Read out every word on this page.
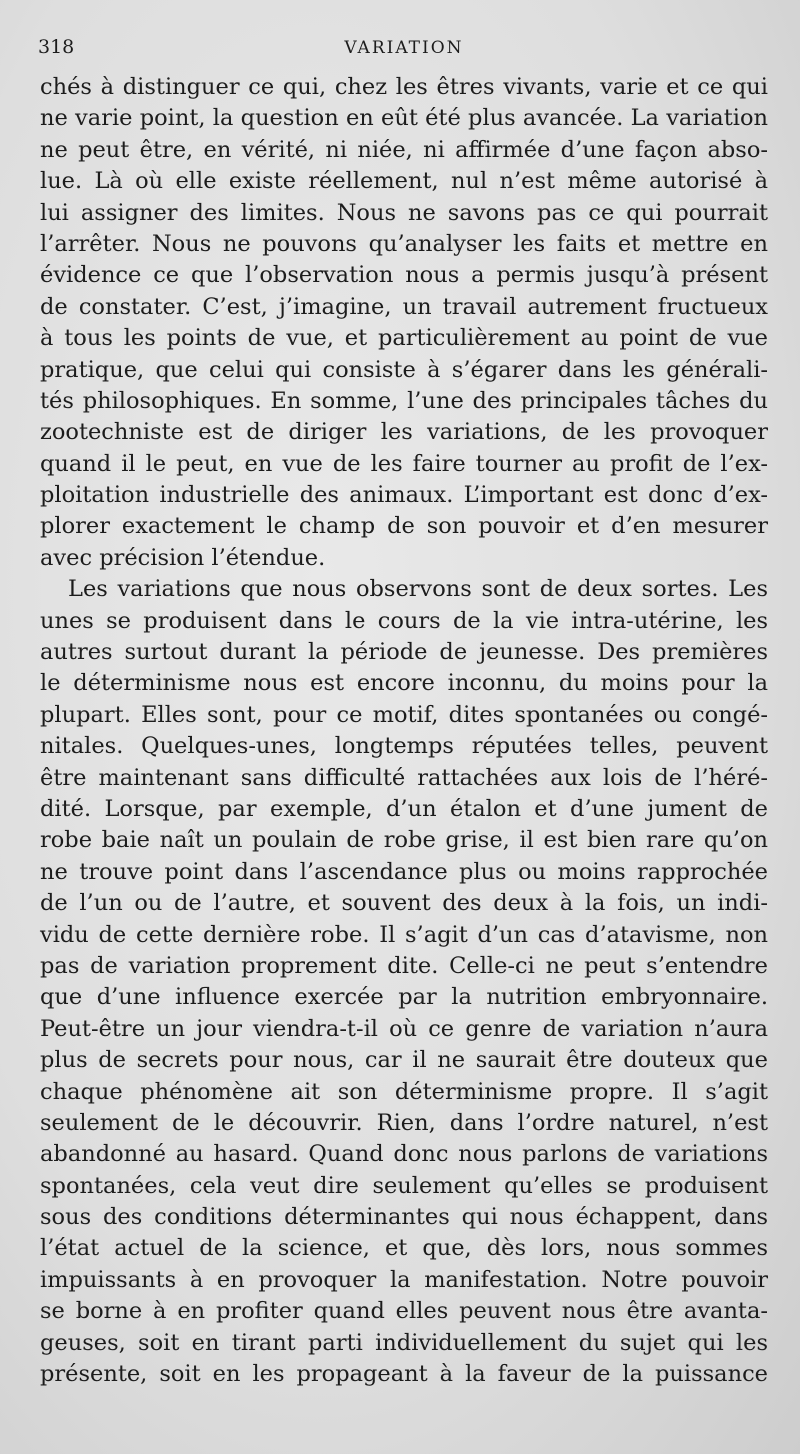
318	VARIATION
chés à distinguer ce qui, chez les êtres vivants, varie et ce qui
ne varie point, la question en eût été plus avancée. La variation
ne peut être, en vérité, ni niée, ni affirmée d’une façon abso-
lue. Là où elle existe réellement, nul n’est même autorisé à
lui assigner des limites. Nous ne savons pas ce qui pourrait
l’arrêter. Nous ne pouvons qu’analyser les faits et mettre en
évidence ce que l’observation nous a permis jusqu’à présent
de constater. C’est, j’imagine, un travail autrement fructueux
à tous les points de vue, et particulièrement au point de vue
pratique, que celui qui consiste à s’égarer dans les générali-
tés philosophiques. En somme, l’une des principales tâches du
zootechniste est de diriger les variations, de les provoquer
quand il le peut, en vue de les faire tourner au profit de l’ex-
ploitation industrielle des animaux. L’important est donc d’ex-
plorer exactement le champ de son pouvoir et d’en mesurer
avec précision l’étendue.
Les variations que nous observons sont de deux sortes. Les
unes se produisent dans le cours de la vie intra-utérine, les
autres surtout durant la période de jeunesse. Des premières
le déterminisme nous est encore inconnu, du moins pour la
plupart. Elles sont, pour ce motif, dites spontanées ou congé-
nitales. Quelques-unes, longtemps réputées telles, peuvent
être maintenant sans difficulté rattachées aux lois de l’héré-
dité. Lorsque, par exemple, d’un étalon et d’une jument de
robe baie naît un poulain de robe grise, il est bien rare qu’on
ne trouve point dans l’ascendance plus ou moins rapprochée
de l’un ou de l’autre, et souvent des deux à la fois, un indi-
vidu de cette dernière robe. Il s’agit d’un cas d’atavisme, non
pas de variation proprement dite. Celle-ci ne peut s’entendre
que d’une influence exercée par la nutrition embryonnaire.
Peut-être un jour viendra-t-il où ce genre de variation n’aura
plus de secrets pour nous, car il ne saurait être douteux que
chaque phénomène ait son déterminisme propre. Il s’agit
seulement de le découvrir. Rien, dans l’ordre naturel, n’est
abandonné au hasard. Quand donc nous parlons de variations
spontanées, cela veut dire seulement qu’elles se produisent
sous des conditions déterminantes qui nous échappent, dans
l’état actuel de la science, et que, dès lors, nous sommes
impuissants à en provoquer la manifestation. Notre pouvoir
se borne à en profiter quand elles peuvent nous être avanta-
geuses, soit en tirant parti individuellement du sujet qui les
présente, soit en les propageant à la faveur de la puissance
